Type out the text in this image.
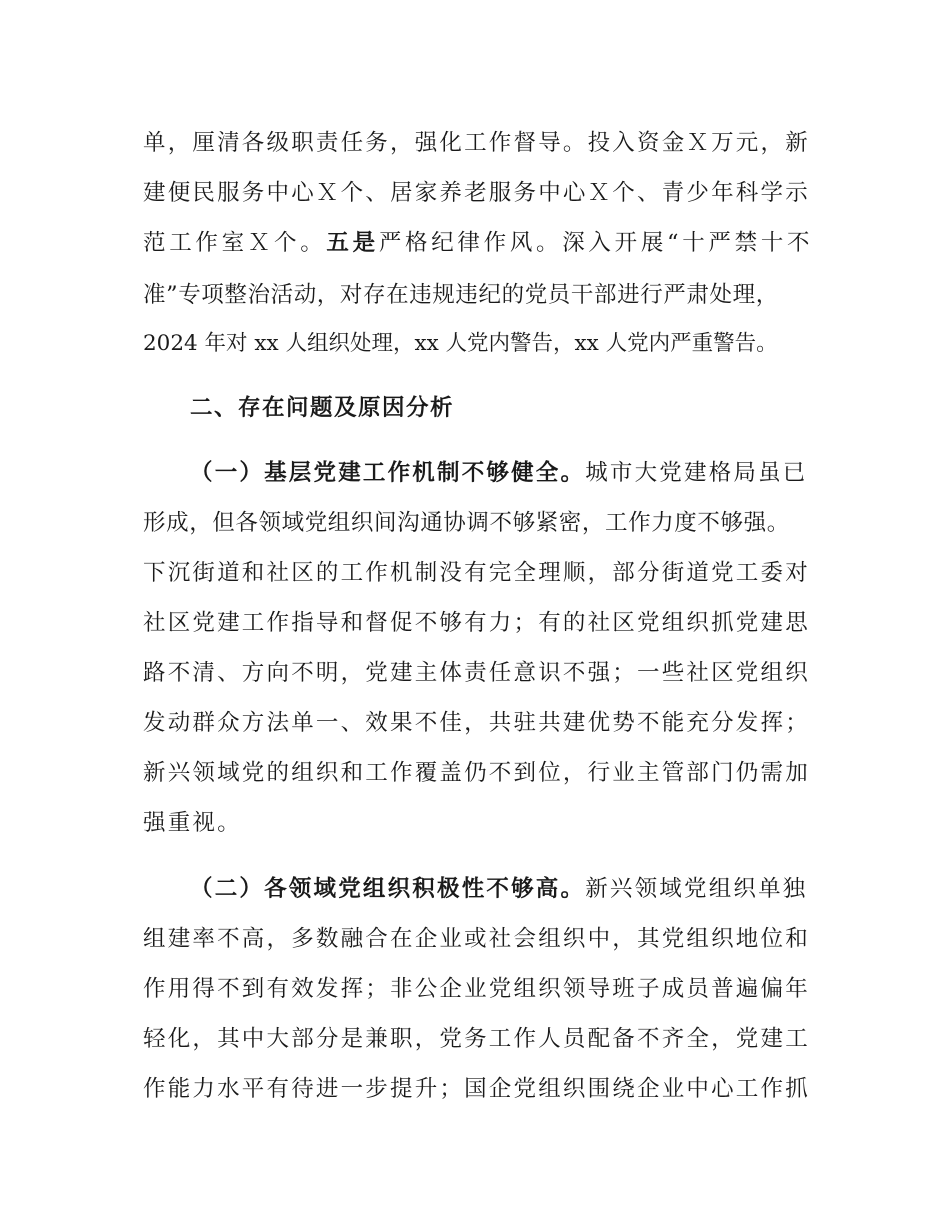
单，厘清各级职责任务，强化工作督导。投入资金Ｘ万元，新
建便民服务中心Ｘ个、居家养老服务中心Ｘ个、青少年科学示
范工作室Ｘ个。五是严格纪律作风。深入开展“十严禁十不
准”专项整治活动，对存在违规违纪的党员干部进行严肃处理，
2024 年对 xx 人组织处理，xx 人党内警告，xx 人党内严重警告。
二、存在问题及原因分析
（一）基层党建工作机制不够健全。城市大党建格局虽已
形成，但各领域党组织间沟通协调不够紧密，工作力度不够强。
下沉街道和社区的工作机制没有完全理顺，部分街道党工委对
社区党建工作指导和督促不够有力；有的社区党组织抓党建思
路不清、方向不明，党建主体责任意识不强；一些社区党组织
发动群众方法单一、效果不佳，共驻共建优势不能充分发挥；
新兴领域党的组织和工作覆盖仍不到位，行业主管部门仍需加
强重视。
（二）各领域党组织积极性不够高。新兴领域党组织单独
组建率不高，多数融合在企业或社会组织中，其党组织地位和
作用得不到有效发挥；非公企业党组织领导班子成员普遍偏年
轻化，其中大部分是兼职，党务工作人员配备不齐全，党建工
作能力水平有待进一步提升；国企党组织围绕企业中心工作抓
